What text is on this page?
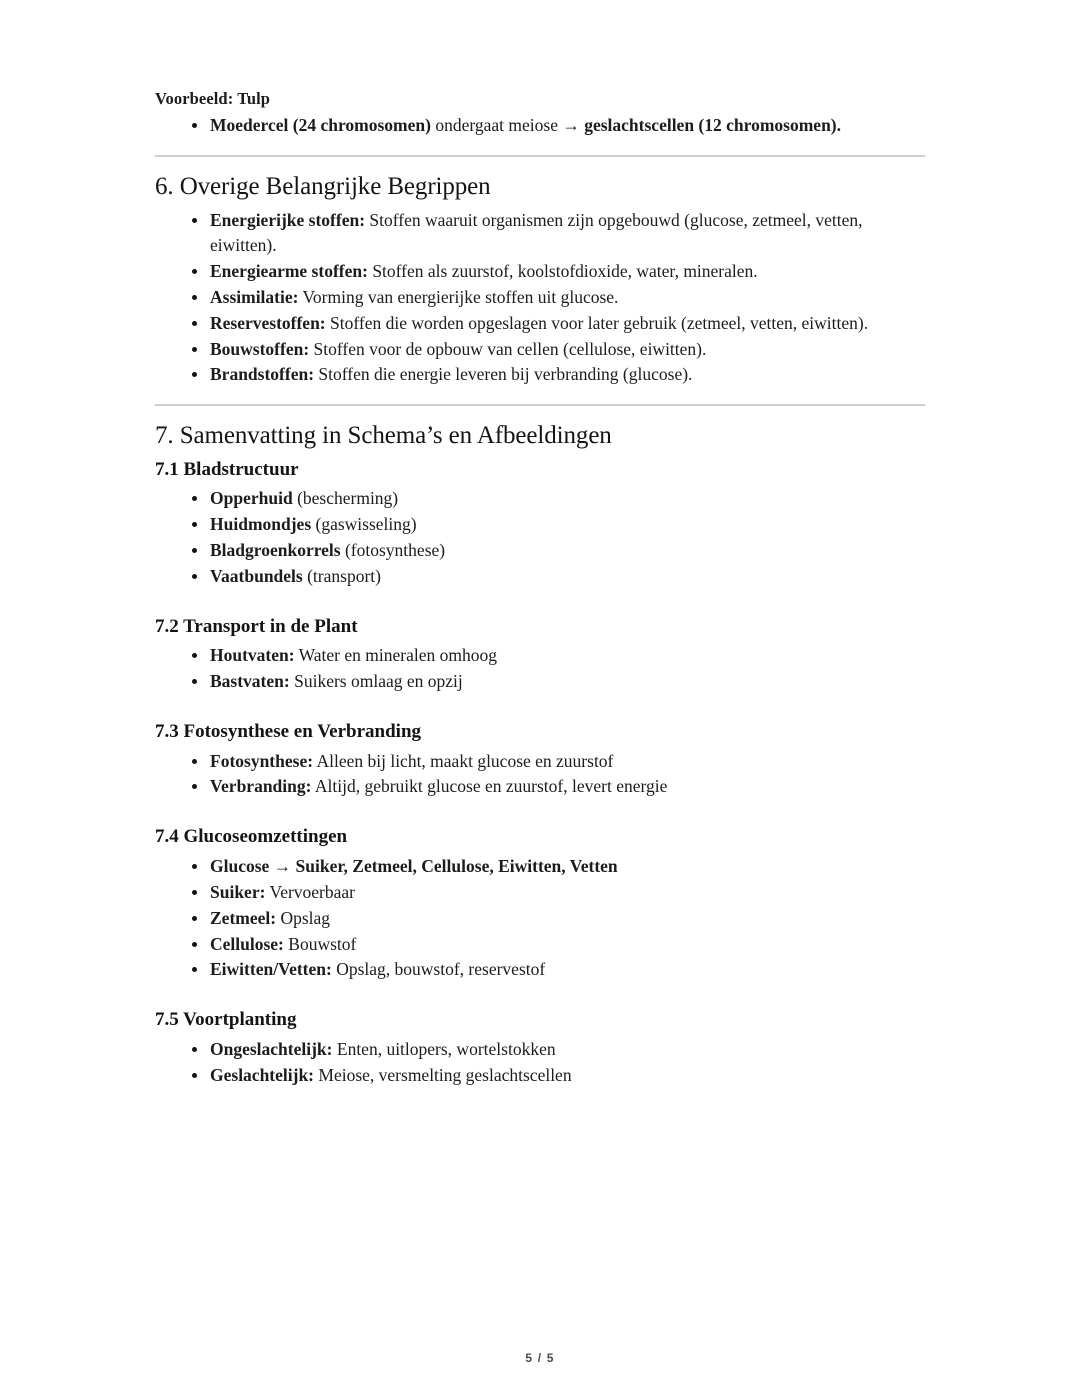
Voorbeeld: Tulp

Moedercel (24 chromosomen) ondergaat meiose → geslachtscellen (12 chromosomen).
6. Overige Belangrijke Begrippen
Energierijke stoffen: Stoffen waaruit organismen zijn opgebouwd (glucose, zetmeel, vetten, eiwitten).
Energiearme stoffen: Stoffen als zuurstof, koolstofdioxide, water, mineralen.
Assimilatie: Vorming van energierijke stoffen uit glucose.
Reservestoffen: Stoffen die worden opgeslagen voor later gebruik (zetmeel, vetten, eiwitten).
Bouwstoffen: Stoffen voor de opbouw van cellen (cellulose, eiwitten).
Brandstoffen: Stoffen die energie leveren bij verbranding (glucose).
7. Samenvatting in Schema’s en Afbeeldingen
7.1 Bladstructuur
Opperhuid (bescherming)
Huidmondjes (gaswisseling)
Bladgroenkorrels (fotosynthese)
Vaatbundels (transport)
7.2 Transport in de Plant
Houtvaten: Water en mineralen omhoog
Bastvaten: Suikers omlaag en opzij
7.3 Fotosynthese en Verbranding
Fotosynthese: Alleen bij licht, maakt glucose en zuurstof
Verbranding: Altijd, gebruikt glucose en zuurstof, levert energie
7.4 Glucoseomzettingen
Glucose → Suiker, Zetmeel, Cellulose, Eiwitten, Vetten
Suiker: Vervoerbaar
Zetmeel: Opslag
Cellulose: Bouwstof
Eiwitten/Vetten: Opslag, bouwstof, reservestof
7.5 Voortplanting
Ongeslachtelijk: Enten, uitlopers, wortelstokken
Geslachtelijk: Meiose, versmelting geslachtscellen
5 / 5
